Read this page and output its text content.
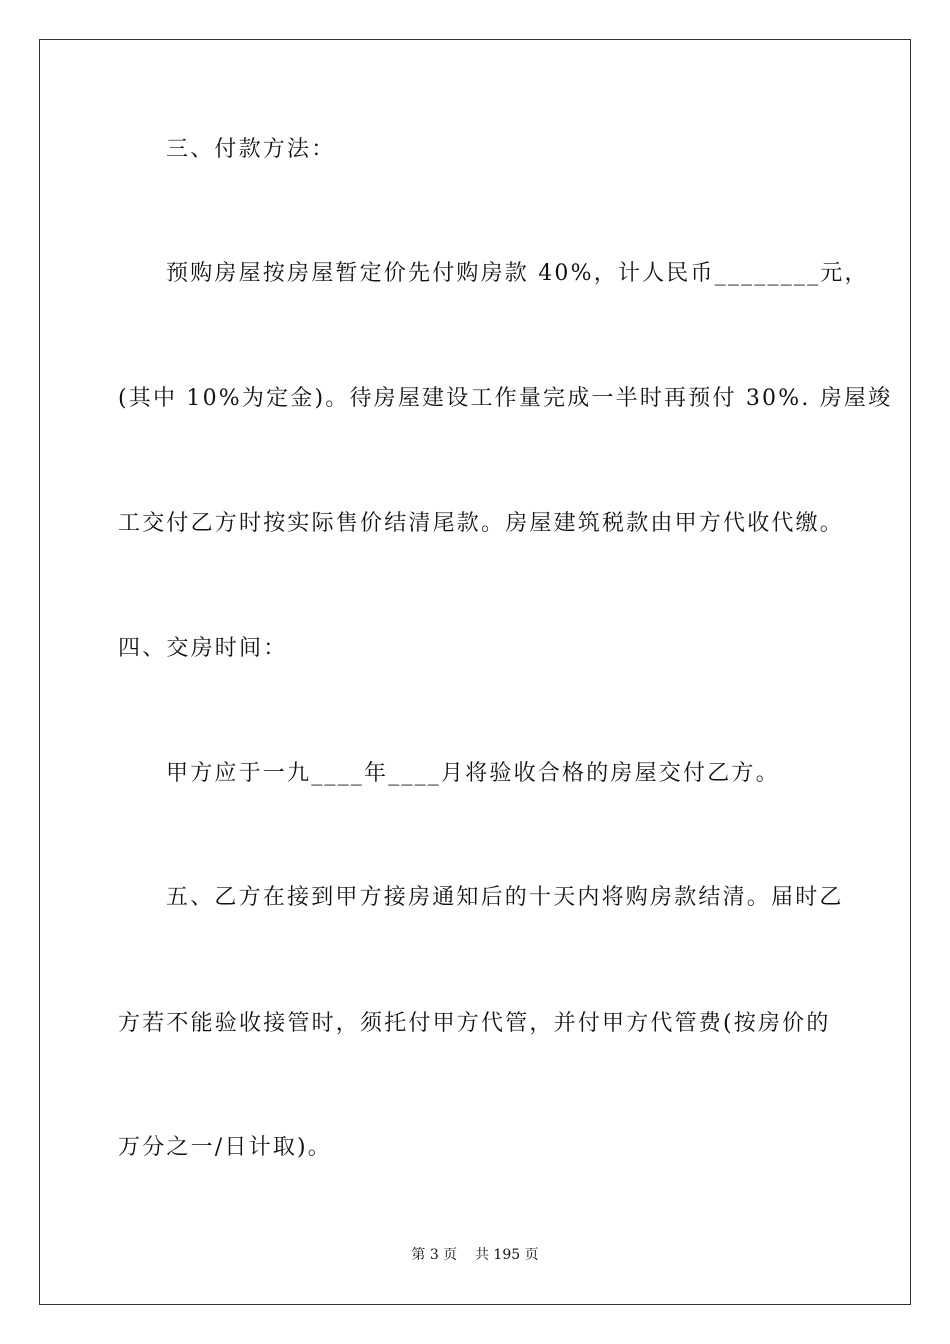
三、付款方法：
预购房屋按房屋暂定价先付购房款 40%，计人民币________元，
(其中 10%为定金)。待房屋建设工作量完成一半时再预付 30%. 房屋竣
工交付乙方时按实际售价结清尾款。房屋建筑税款由甲方代收代缴。
四、交房时间：
甲方应于一九____年____月将验收合格的房屋交付乙方。
五、乙方在接到甲方接房通知后的十天内将购房款结清。届时乙
方若不能验收接管时，须托付甲方代管，并付甲方代管费(按房价的
万分之一/日计取)。
第 3 页    共 195 页
